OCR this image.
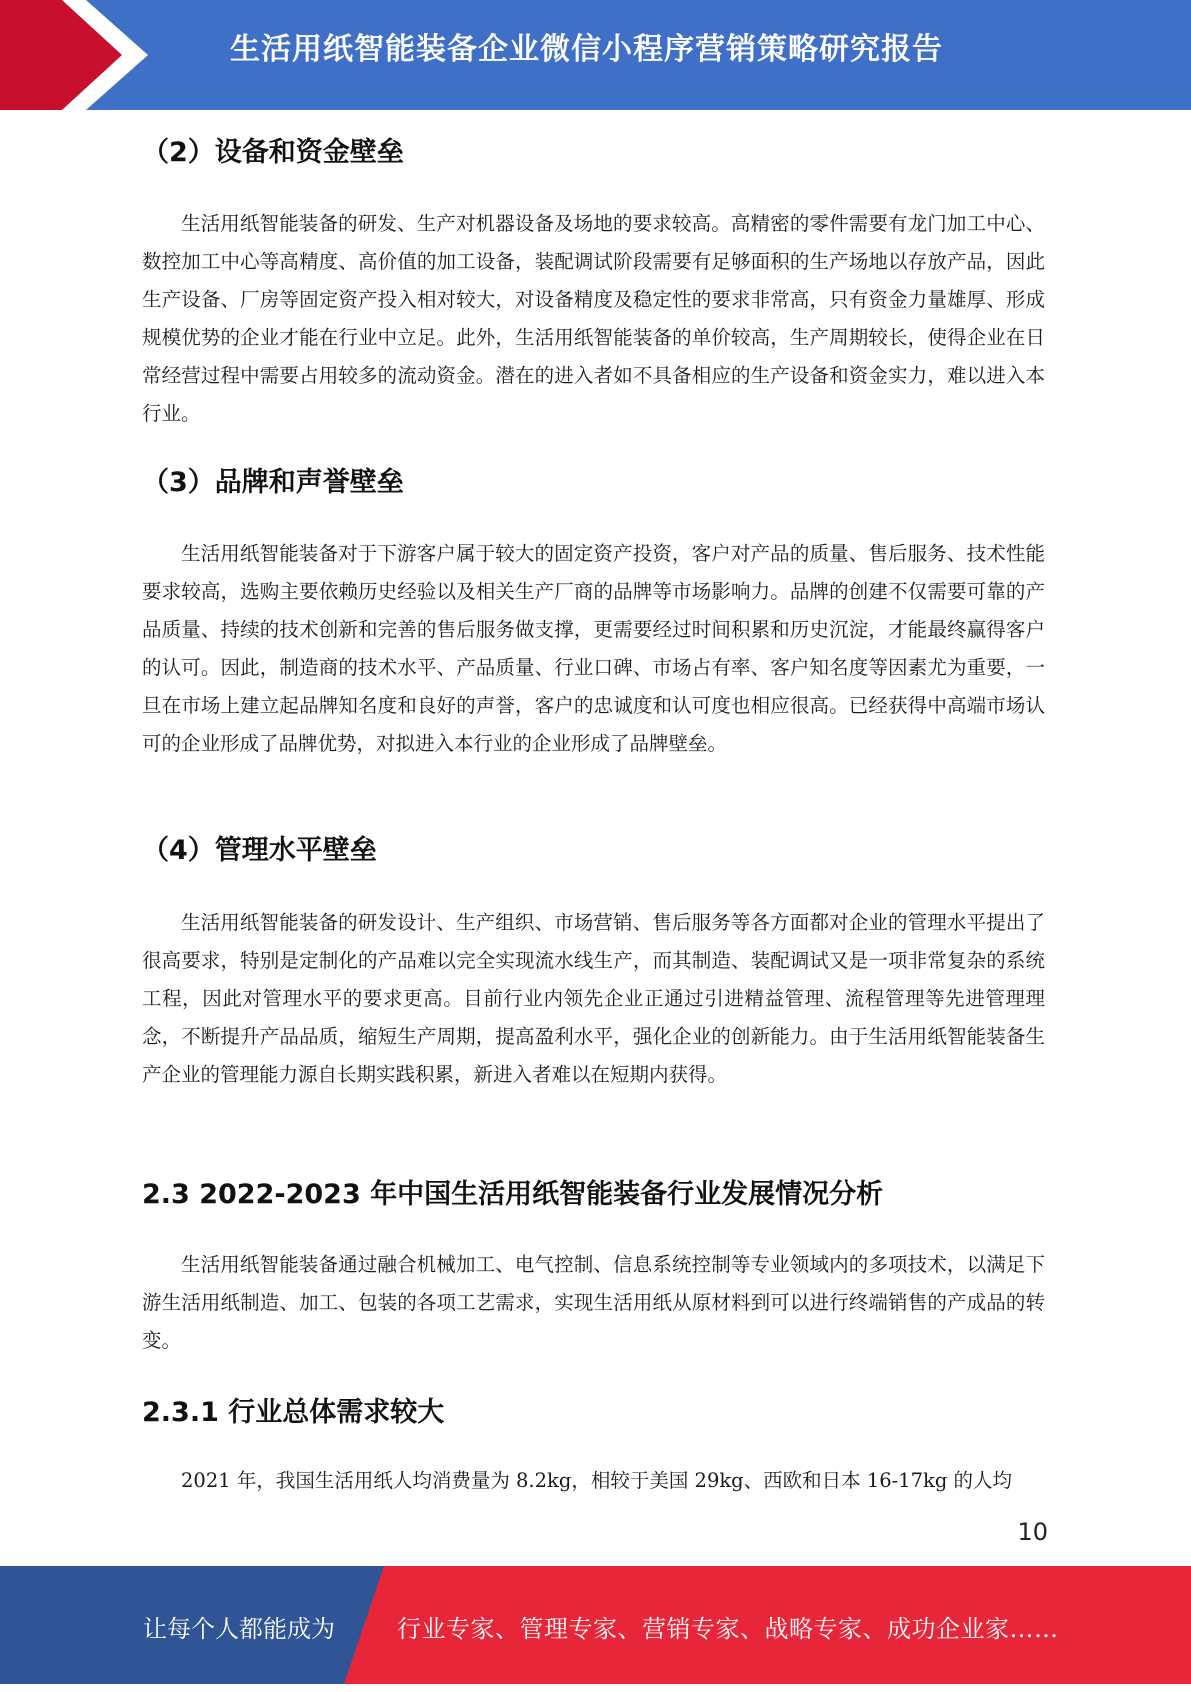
生活用纸智能装备企业微信小程序营销策略研究报告
（2）设备和资金壁垒

生活用纸智能装备的研发、生产对机器设备及场地的要求较高。高精密的零件需要有龙门加工中心、数控加工中心等高精度、高价值的加工设备，装配调试阶段需要有足够面积的生产场地以存放产品，因此生产设备、厂房等固定资产投入相对较大，对设备精度及稳定性的要求非常高，只有资金力量雄厚、形成规模优势的企业才能在行业中立足。此外，生活用纸智能装备的单价较高，生产周期较长，使得企业在日常经营过程中需要占用较多的流动资金。潜在的进入者如不具备相应的生产设备和资金实力，难以进入本行业。

（3）品牌和声誉壁垒

生活用纸智能装备对于下游客户属于较大的固定资产投资，客户对产品的质量、售后服务、技术性能要求较高，选购主要依赖历史经验以及相关生产厂商的品牌等市场影响力。品牌的创建不仅需要可靠的产品质量、持续的技术创新和完善的售后服务做支撑，更需要经过时间积累和历史沉淀，才能最终赢得客户的认可。因此，制造商的技术水平、产品质量、行业口碑、市场占有率、客户知名度等因素尤为重要，一旦在市场上建立起品牌知名度和良好的声誉，客户的忠诚度和认可度也相应很高。已经获得中高端市场认可的企业形成了品牌优势，对拟进入本行业的企业形成了品牌壁垒。

（4）管理水平壁垒

生活用纸智能装备的研发设计、生产组织、市场营销、售后服务等各方面都对企业的管理水平提出了很高要求，特别是定制化的产品难以完全实现流水线生产，而其制造、装配调试又是一项非常复杂的系统工程，因此对管理水平的要求更高。目前行业内领先企业正通过引进精益管理、流程管理等先进管理理念，不断提升产品品质，缩短生产周期，提高盈利水平，强化企业的创新能力。由于生活用纸智能装备生产企业的管理能力源自长期实践积累，新进入者难以在短期内获得。

2.3 2022-2023 年中国生活用纸智能装备行业发展情况分析

生活用纸智能装备通过融合机械加工、电气控制、信息系统控制等专业领域内的多项技术，以满足下游生活用纸制造、加工、包装的各项工艺需求，实现生活用纸从原材料到可以进行终端销售的产成品的转变。

2.3.1 行业总体需求较大

2021 年，我国生活用纸人均消费量为 8.2kg，相较于美国 29kg、西欧和日本 16-17kg 的人均

10
让每个人都能成为	行业专家、管理专家、营销专家、战略专家、成功企业家……
